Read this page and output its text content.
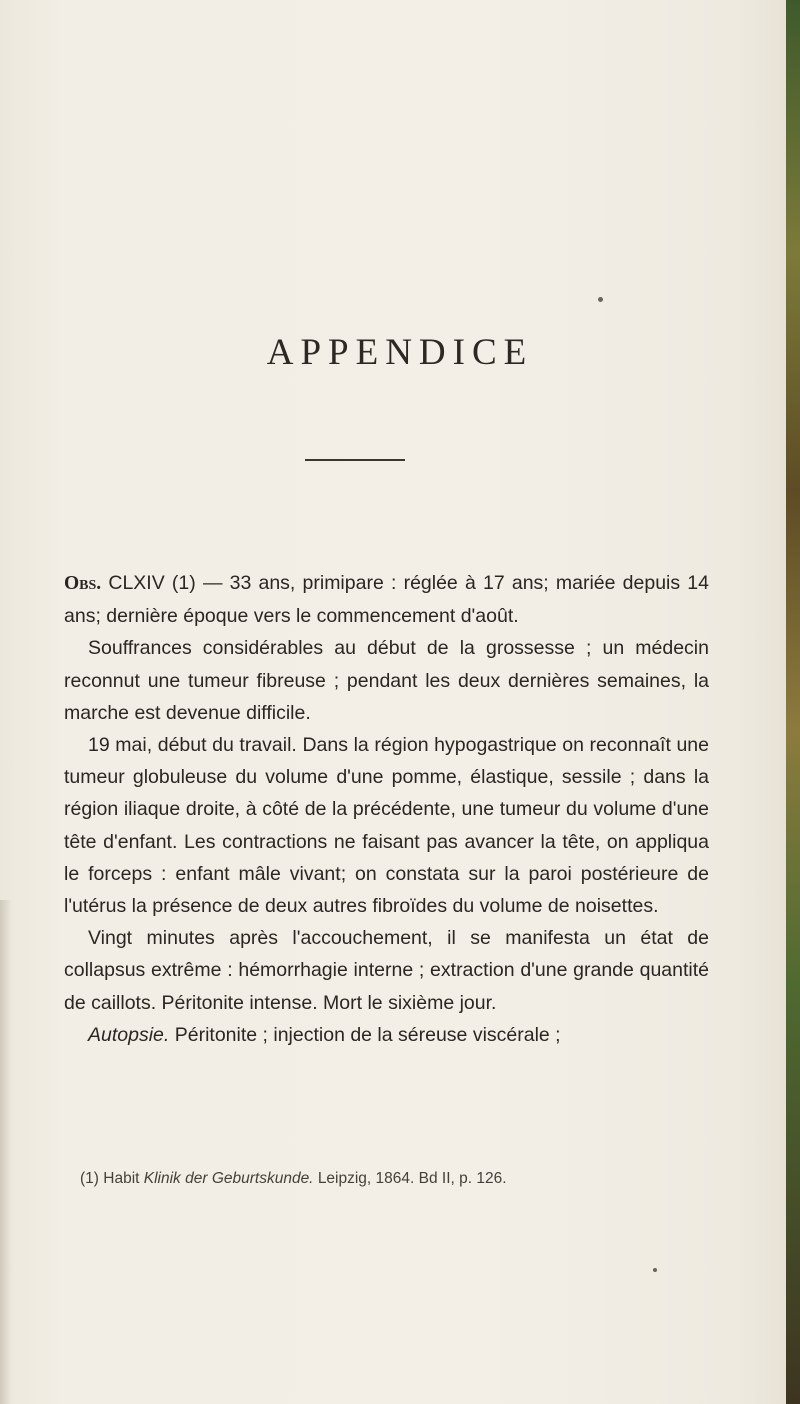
APPENDICE

Obs. CLXIV (1) — 33 ans, primipare : réglée à 17 ans; mariée depuis 14 ans; dernière époque vers le commencement d'août.

Souffrances considérables au début de la grossesse ; un médecin reconnut une tumeur fibreuse ; pendant les deux dernières semaines, la marche est devenue difficile.

19 mai, début du travail. Dans la région hypogastrique on reconnaît une tumeur globuleuse du volume d'une pomme, élastique, sessile ; dans la région iliaque droite, à côté de la précédente, une tumeur du volume d'une tête d'enfant. Les contractions ne faisant pas avancer la tête, on appliqua le forceps : enfant mâle vivant; on constata sur la paroi postérieure de l'utérus la présence de deux autres fibroïdes du volume de noisettes.

Vingt minutes après l'accouchement, il se manifesta un état de collapsus extrême : hémorrhagie interne ; extraction d'une grande quantité de caillots. Péritonite intense. Mort le sixième jour.

Autopsie. Péritonite ; injection de la séreuse viscérale ;

(1) Habit Klinik der Geburtskunde. Leipzig, 1864. Bd II, p. 126.
